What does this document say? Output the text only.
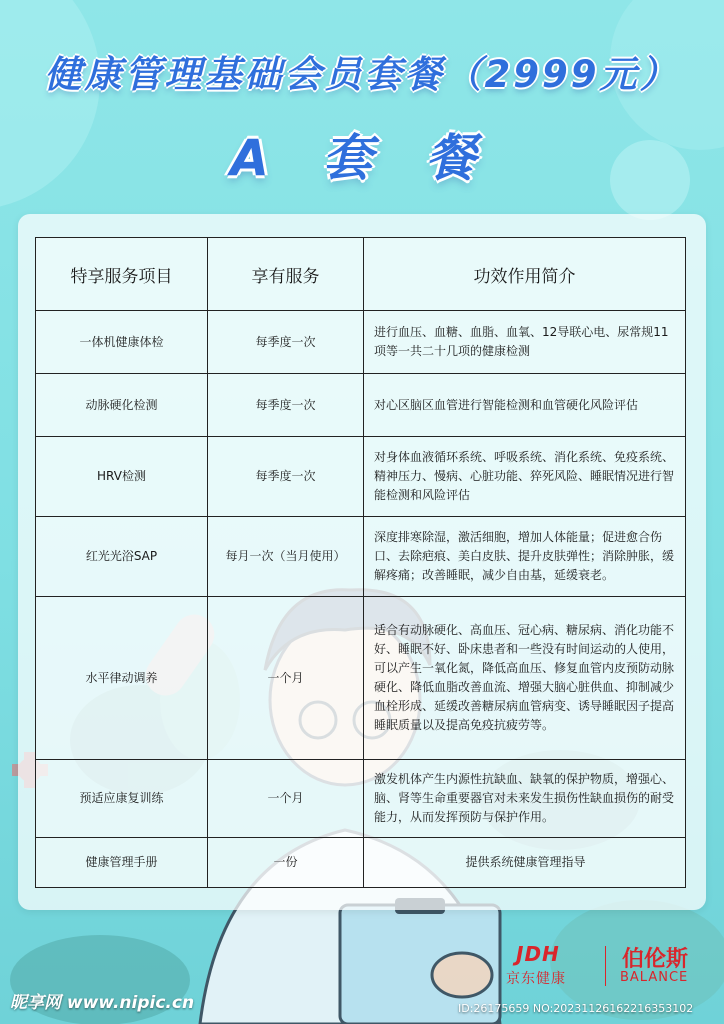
健康管理基础会员套餐（2999元）
A 套 餐
特享服务项目	享有服务	功效作用简介
一体机健康体检	每季度一次	进行血压、血糖、血脂、血氧、12导联心电、尿常规11项等一共二十几项的健康检测
动脉硬化检测	每季度一次	对心区脑区血管进行智能检测和血管硬化风险评估
HRV检测	每季度一次	对身体血液循环系统、呼吸系统、消化系统、免疫系统、精神压力、慢病、心脏功能、猝死风险、睡眠情况进行智能检测和风险评估
红光光浴SAP	每月一次（当月使用）	深度排寒除湿，激活细胞，增加人体能量；促进愈合伤口、去除疤痕、美白皮肤、提升皮肤弹性；消除肿胀，缓解疼痛；改善睡眠，减少自由基，延缓衰老。
水平律动调养	一个月	适合有动脉硬化、高血压、冠心病、糖尿病、消化功能不好、睡眠不好、卧床患者和一些没有时间运动的人使用，可以产生一氧化氮，降低高血压、修复血管内皮预防动脉硬化、降低血脂改善血流、增强大脑心脏供血、抑制减少血栓形成、延缓改善糖尿病血管病变、诱导睡眠因子提高睡眠质量以及提高免疫抗疲劳等。
预适应康复训练	一个月	激发机体产生内源性抗缺血、缺氧的保护物质，增强心、脑、肾等生命重要器官对未来发生损伤性缺血损伤的耐受能力，从而发挥预防与保护作用。
健康管理手册	一份	提供系统健康管理指导
JDH
京东健康
伯伦斯
BALANCE
昵享网 www.nipic.cn	ID:26175659 NO:20231126162216353102
